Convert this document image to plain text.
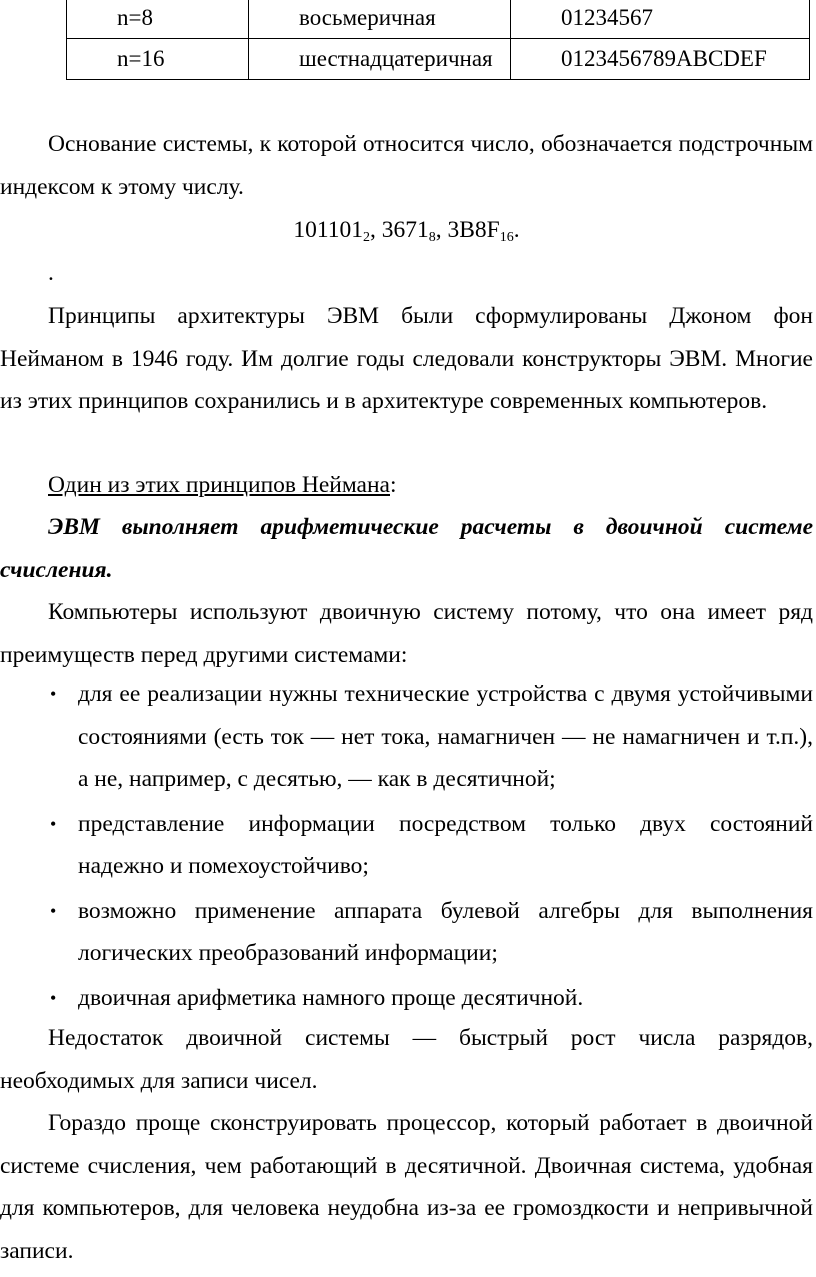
n=8	восьмеричная	01234567
n=16	шестнадцатеричная	0123456789ABCDEF

Основание системы, к которой относится число, обозначается подстрочным индексом к этому числу.

$101101_2$, $3671_8$, $3B8F_{16}$.

.

Принципы архитектуры ЭВМ были сформулированы Джоном фон Нейманом в 1946 году. Им долгие годы следовали конструкторы ЭВМ. Многие из этих принципов сохранились и в архитектуре современных компьютеров.

Один из этих принципов Неймана:

ЭВМ выполняет арифметические расчеты в двоичной системе счисления.

Компьютеры используют двоичную систему потому, что она имеет ряд преимуществ перед другими системами:

• для ее реализации нужны технические устройства с двумя устойчивыми состояниями (есть ток — нет тока, намагничен — не намагничен и т.п.), а не, например, с десятью, — как в десятичной;
• представление информации посредством только двух состояний надежно и помехоустойчиво;
• возможно применение аппарата булевой алгебры для выполнения логических преобразований информации;
• двоичная арифметика намного проще десятичной.

Недостаток двоичной системы — быстрый рост числа разрядов, необходимых для записи чисел.

Гораздо проще сконструировать процессор, который работает в двоичной системе счисления, чем работающий в десятичной. Двоичная система, удобная для компьютеров, для человека неудобна из-за ее громоздкости и непривычной записи.
